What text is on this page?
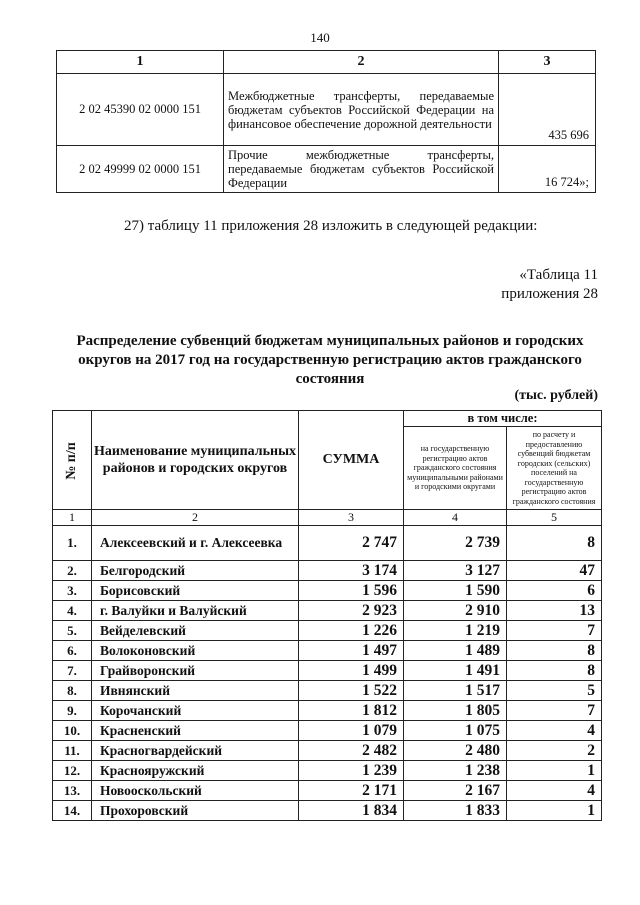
140
1	2	3
2 02 45390 02 0000 151	Межбюджетные трансферты, передаваемые бюджетам субъектов Российской Федерации на финансовое обеспечение дорожной деятельности	435 696
2 02 49999 02 0000 151	Прочие межбюджетные трансферты, передаваемые бюджетам субъектов Российской Федерации	16 724»;
27) таблицу 11 приложения 28 изложить в следующей редакции:
«Таблица 11
приложения 28
Распределение субвенций бюджетам муниципальных районов и городских округов на 2017 год на государственную регистрацию актов гражданского состояния
(тыс. рублей)
№ п/п	Наименование муниципальных районов и городских округов	СУММА	в том числе:	
			на государственную регистрацию актов гражданского состояния муниципальными районами и городскими округами	по расчету и предоставлению субвенций бюджетам городских (сельских) поселений на государственную регистрацию актов гражданского состояния
1	2	3	4	5
1.	Алексеевский и г. Алексеевка	2 747	2 739	8
2.	Белгородский	3 174	3 127	47
3.	Борисовский	1 596	1 590	6
4.	г. Валуйки и Валуйский	2 923	2 910	13
5.	Вейделевский	1 226	1 219	7
6.	Волоконовский	1 497	1 489	8
7.	Грайворонский	1 499	1 491	8
8.	Ивнянский	1 522	1 517	5
9.	Корочанский	1 812	1 805	7
10.	Красненский	1 079	1 075	4
11.	Красногвардейский	2 482	2 480	2
12.	Краснояружский	1 239	1 238	1
13.	Новооскольский	2 171	2 167	4
14.	Прохоровский	1 834	1 833	1
